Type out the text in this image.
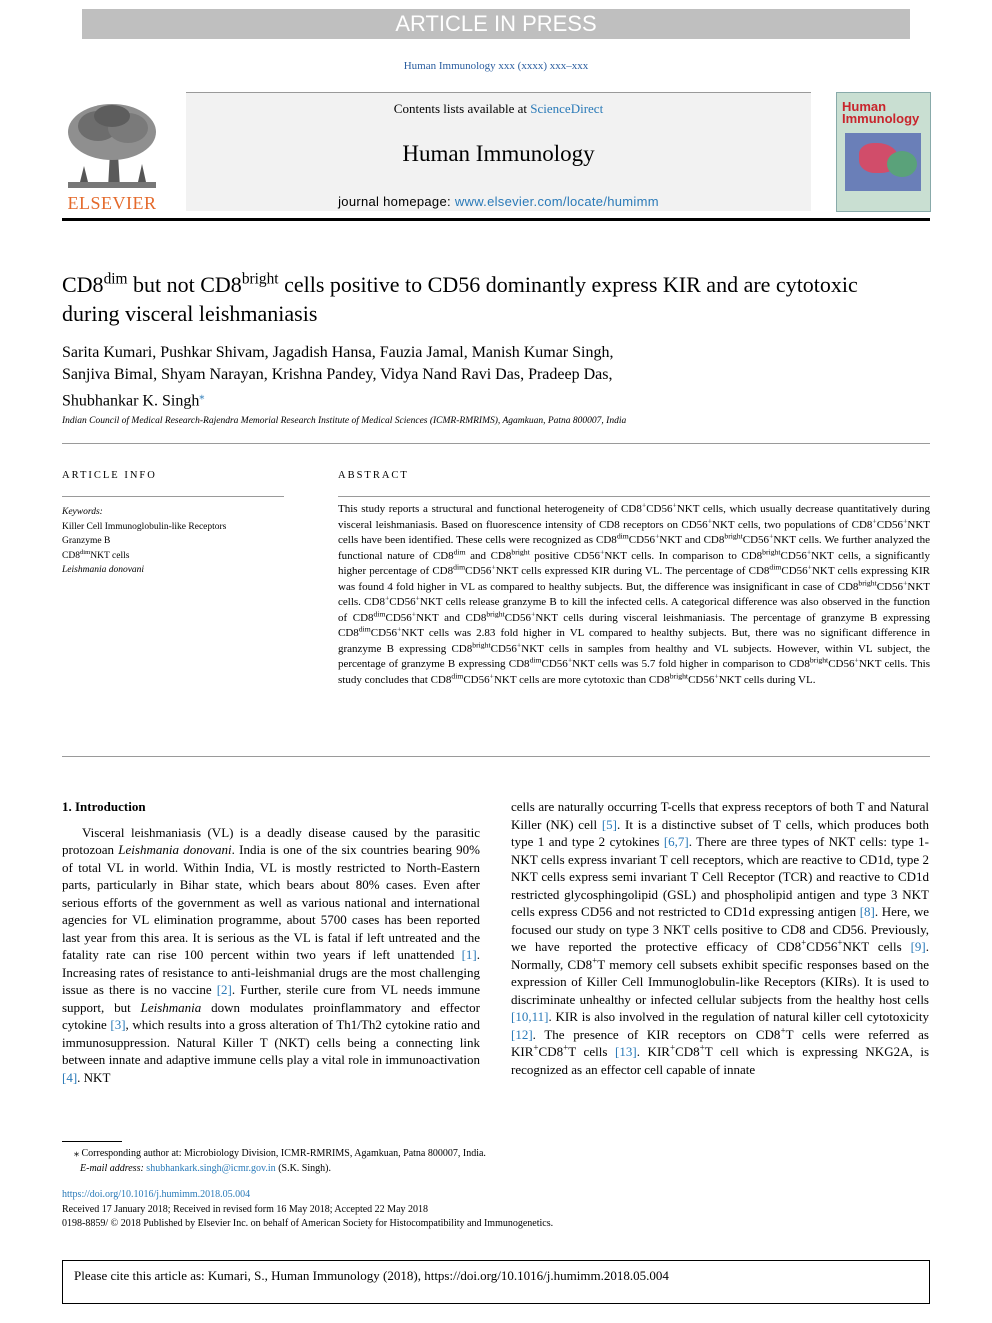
ARTICLE IN PRESS
Human Immunology xxx (xxxx) xxx–xxx
ELSEVIER
Contents lists available at ScienceDirect
Human Immunology
journal homepage: www.elsevier.com/locate/humimm
Human Immunology
$CD8^{dim}$ but not $CD8^{bright}$ cells positive to CD56 dominantly express KIR and are cytotoxic during visceral leishmaniasis
Sarita Kumari, Pushkar Shivam, Jagadish Hansa, Fauzia Jamal, Manish Kumar Singh,
Sanjiva Bimal, Shyam Narayan, Krishna Pandey, Vidya Nand Ravi Das, Pradeep Das,
Shubhankar K. Singh⁎
Indian Council of Medical Research-Rajendra Memorial Research Institute of Medical Sciences (ICMR-RMRIMS), Agamkuan, Patna 800007, India
ARTICLE INFO
Keywords:
Killer Cell Immunoglobulin-like Receptors
Granzyme B
$CD8^{dim}NKT$ cells
Leishmania donovani
ABSTRACT
This study reports a structural and functional heterogeneity of CD8+CD56+NKT cells, which usually decrease quantitatively during visceral leishmaniasis. Based on fluorescence intensity of CD8 receptors on CD56+NKT cells, two populations of CD8+CD56+NKT cells have been identified. These cells were recognized as $CD8^{dim}CD56^+NKT$ and $CD8^{bright}CD56^+NKT$ cells. We further analyzed the functional nature of $CD8^{dim}$ and $CD8^{bright}$ positive CD56+NKT cells. In comparison to $CD8^{bright}CD56^+NKT$ cells, a significantly higher percentage of $CD8^{dim}CD56^+NKT$ cells expressed KIR during VL. The percentage of $CD8^{dim}CD56^+NKT$ cells expressing KIR was found 4 fold higher in VL as compared to healthy subjects. But, the difference was insignificant in case of $CD8^{bright}CD56^+NKT$ cells. CD8+CD56+NKT cells release granzyme B to kill the infected cells. A categorical difference was also observed in the function of $CD8^{dim}CD56^+NKT$ and $CD8^{bright}CD56^+NKT$ cells during visceral leishmaniasis. The percentage of granzyme B expressing $CD8^{dim}CD56^+NKT$ cells was 2.83 fold higher in VL compared to healthy subjects. But, there was no significant difference in granzyme B expressing $CD8^{bright}CD56^+NKT$ cells in samples from healthy and VL subjects. However, within VL subject, the percentage of granzyme B expressing $CD8^{dim}CD56^+NKT$ cells was 5.7 fold higher in comparison to $CD8^{bright}CD56^+NKT$ cells. This study concludes that $CD8^{dim}CD56^+NKT$ cells are more cytotoxic than $CD8^{bright}CD56^+NKT$ cells during VL.

1. Introduction

Visceral leishmaniasis (VL) is a deadly disease caused by the parasitic protozoan Leishmania donovani. India is one of the six countries bearing 90% of total VL in world. Within India, VL is mostly restricted to North-Eastern parts, particularly in Bihar state, which bears about 80% cases. Even after serious efforts of the government as well as various national and international agencies for VL elimination programme, about 5700 cases has been reported last year from this area. It is serious as the VL is fatal if left untreated and the fatality rate can rise 100 percent within two years if left unattended [1]. Increasing rates of resistance to anti-leishmanial drugs are the most challenging issue as there is no vaccine [2]. Further, sterile cure from VL needs immune support, but Leishmania down modulates proinflammatory and effector cytokine [3], which results into a gross alteration of Th1/Th2 cytokine ratio and immunosuppression. Natural Killer T (NKT) cells being a connecting link between innate and adaptive immune cells play a vital role in immunoactivation [4]. NKT

cells are naturally occurring T-cells that express receptors of both T and Natural Killer (NK) cell [5]. It is a distinctive subset of T cells, which produces both type 1 and type 2 cytokines [6,7]. There are three types of NKT cells: type 1-NKT cells express invariant T cell receptors, which are reactive to CD1d, type 2 NKT cells express semi invariant T Cell Receptor (TCR) and reactive to CD1d restricted glycosphingolipid (GSL) and phospholipid antigen and type 3 NKT cells express CD56 and not restricted to CD1d expressing antigen [8]. Here, we focused our study on type 3 NKT cells positive to CD8 and CD56. Previously, we have reported the protective efficacy of CD8+CD56+NKT cells [9]. Normally, CD8+T memory cell subsets exhibit specific responses based on the expression of Killer Cell Immunoglobulin-like Receptors (KIRs). It is used to discriminate unhealthy or infected cellular subjects from the healthy host cells [10,11]. KIR is also involved in the regulation of natural killer cell cytotoxicity [12]. The presence of KIR receptors on CD8+T cells were referred as KIR+CD8+T cells [13]. KIR+CD8+T cell which is expressing NKG2A, is recognized as an effector cell capable of innate

⁎ Corresponding author at: Microbiology Division, ICMR-RMRIMS, Agamkuan, Patna 800007, India.
E-mail address: shubhankark.singh@icmr.gov.in (S.K. Singh).
https://doi.org/10.1016/j.humimm.2018.05.004
Received 17 January 2018; Received in revised form 16 May 2018; Accepted 22 May 2018
0198-8859/ © 2018 Published by Elsevier Inc. on behalf of American Society for Histocompatibility and Immunogenetics.
Please cite this article as: Kumari, S., Human Immunology (2018), https://doi.org/10.1016/j.humimm.2018.05.004
